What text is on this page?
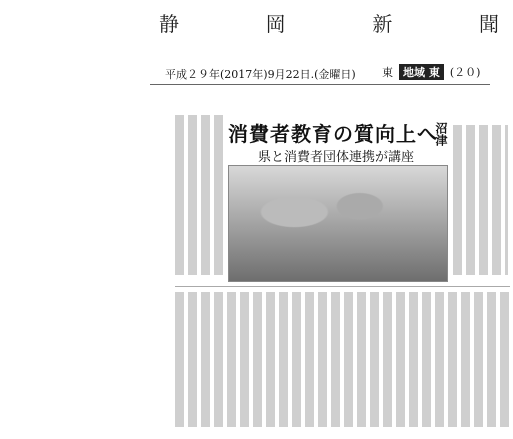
静	岡	新	聞
平成２９年(2017年)9月22日.(金曜日) 東 地域 東 (２０)
沼津
消費者教育の質向上へ
県と消費者団体連携が講座
